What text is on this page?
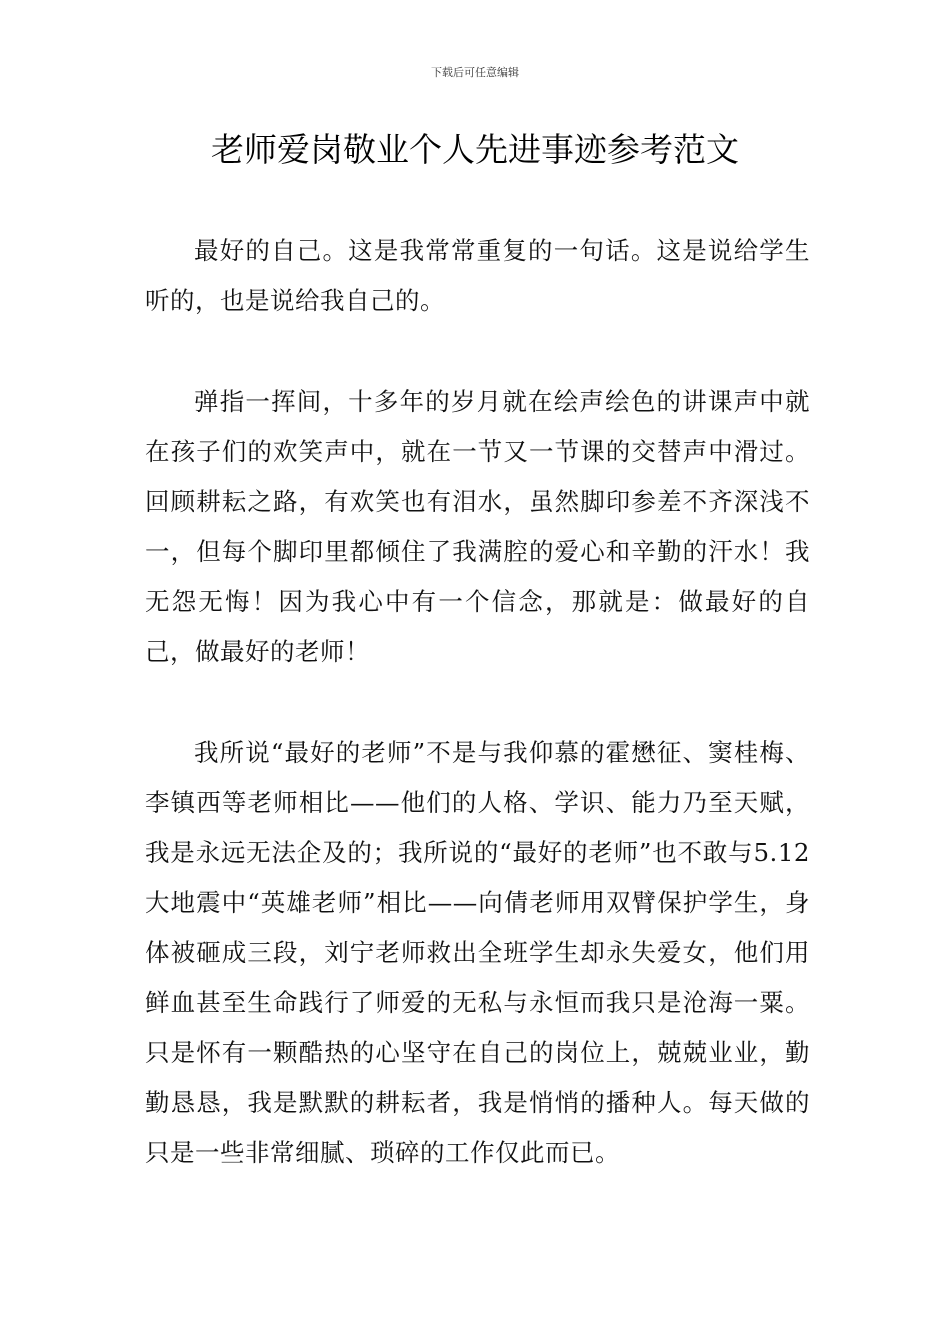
下载后可任意编辑
老师爱岗敬业个人先进事迹参考范文

最好的自己。这是我常常重复的一句话。这是说给学生听的，也是说给我自己的。

弹指一挥间，十多年的岁月就在绘声绘色的讲课声中就在孩子们的欢笑声中，就在一节又一节课的交替声中滑过。回顾耕耘之路，有欢笑也有泪水，虽然脚印参差不齐深浅不一，但每个脚印里都倾住了我满腔的爱心和辛勤的汗水！我无怨无悔！因为我心中有一个信念，那就是：做最好的自己，做最好的老师！

我所说“最好的老师”不是与我仰慕的霍懋征、窦桂梅、李镇西等老师相比——他们的人格、学识、能力乃至天赋，我是永远无法企及的；我所说的“最好的老师”也不敢与5.12大地震中“英雄老师”相比——向倩老师用双臂保护学生，身体被砸成三段，刘宁老师救出全班学生却永失爱女，他们用鲜血甚至生命践行了师爱的无私与永恒而我只是沧海一粟。只是怀有一颗酷热的心坚守在自己的岗位上，兢兢业业，勤勤恳恳，我是默默的耕耘者，我是悄悄的播种人。每天做的只是一些非常细腻、琐碎的工作仅此而已。
